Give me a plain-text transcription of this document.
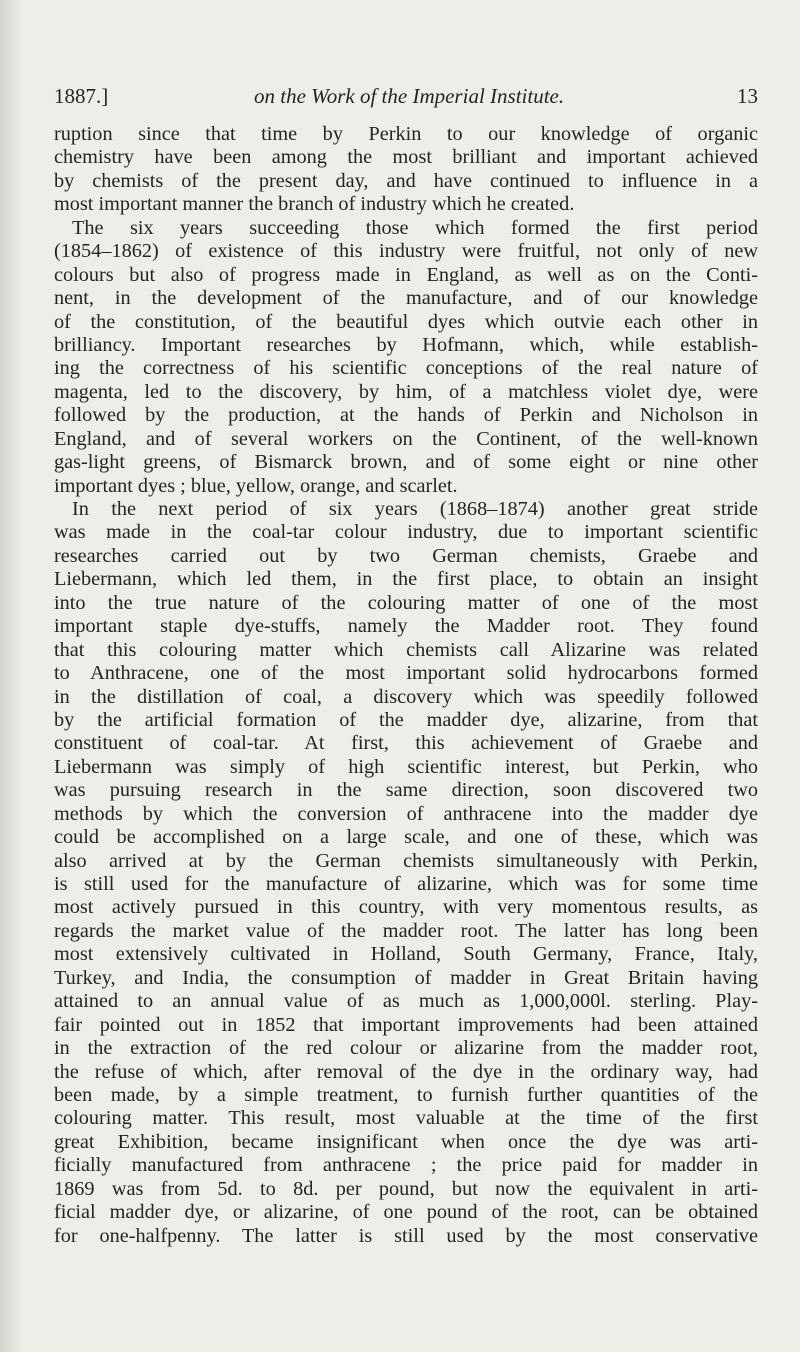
1887.]	on the Work of the Imperial Institute.	13
ruption since that time by Perkin to our knowledge of organic
chemistry have been among the most brilliant and important achieved
by chemists of the present day, and have continued to influence in a
most important manner the branch of industry which he created.
The six years succeeding those which formed the first period
(1854–1862) of existence of this industry were fruitful, not only of new
colours but also of progress made in England, as well as on the Conti-
nent, in the development of the manufacture, and of our knowledge
of the constitution, of the beautiful dyes which outvie each other in
brilliancy. Important researches by Hofmann, which, while establish-
ing the correctness of his scientific conceptions of the real nature of
magenta, led to the discovery, by him, of a matchless violet dye, were
followed by the production, at the hands of Perkin and Nicholson in
England, and of several workers on the Continent, of the well-known
gas-light greens, of Bismarck brown, and of some eight or nine other
important dyes ; blue, yellow, orange, and scarlet.
In the next period of six years (1868–1874) another great stride
was made in the coal-tar colour industry, due to important scientific
researches carried out by two German chemists, Graebe and
Liebermann, which led them, in the first place, to obtain an insight
into the true nature of the colouring matter of one of the most
important staple dye-stuffs, namely the Madder root. They found
that this colouring matter which chemists call Alizarine was related
to Anthracene, one of the most important solid hydrocarbons formed
in the distillation of coal, a discovery which was speedily followed
by the artificial formation of the madder dye, alizarine, from that
constituent of coal-tar. At first, this achievement of Graebe and
Liebermann was simply of high scientific interest, but Perkin, who
was pursuing research in the same direction, soon discovered two
methods by which the conversion of anthracene into the madder dye
could be accomplished on a large scale, and one of these, which was
also arrived at by the German chemists simultaneously with Perkin,
is still used for the manufacture of alizarine, which was for some time
most actively pursued in this country, with very momentous results, as
regards the market value of the madder root. The latter has long been
most extensively cultivated in Holland, South Germany, France, Italy,
Turkey, and India, the consumption of madder in Great Britain having
attained to an annual value of as much as 1,000,000l. sterling. Play-
fair pointed out in 1852 that important improvements had been attained
in the extraction of the red colour or alizarine from the madder root,
the refuse of which, after removal of the dye in the ordinary way, had
been made, by a simple treatment, to furnish further quantities of the
colouring matter. This result, most valuable at the time of the first
great Exhibition, became insignificant when once the dye was arti-
ficially manufactured from anthracene ; the price paid for madder in
1869 was from 5d. to 8d. per pound, but now the equivalent in arti-
ficial madder dye, or alizarine, of one pound of the root, can be obtained
for one-halfpenny. The latter is still used by the most conservative
